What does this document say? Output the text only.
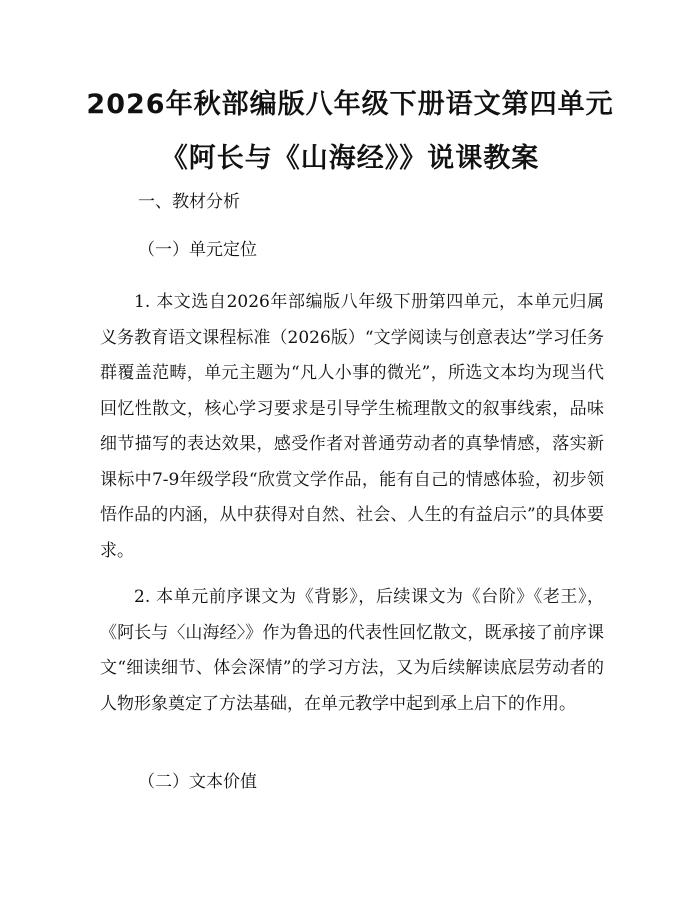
2026年秋部编版八年级下册语文第四单元
《阿长与《山海经》》说课教案
一、教材分析
（一）单元定位
1. 本文选自2026年部编版八年级下册第四单元，本单元归属义务教育语文课程标准（2026版）“文学阅读与创意表达”学习任务群覆盖范畴，单元主题为“凡人小事的微光”，所选文本均为现当代回忆性散文，核心学习要求是引导学生梳理散文的叙事线索，品味细节描写的表达效果，感受作者对普通劳动者的真挚情感，落实新课标中7-9年级学段“欣赏文学作品，能有自己的情感体验，初步领悟作品的内涵，从中获得对自然、社会、人生的有益启示”的具体要求。
2. 本单元前序课文为《背影》，后续课文为《台阶》《老王》，《阿长与〈山海经〉》作为鲁迅的代表性回忆散文，既承接了前序课文“细读细节、体会深情”的学习方法，又为后续解读底层劳动者的人物形象奠定了方法基础，在单元教学中起到承上启下的作用。
（二）文本价值
